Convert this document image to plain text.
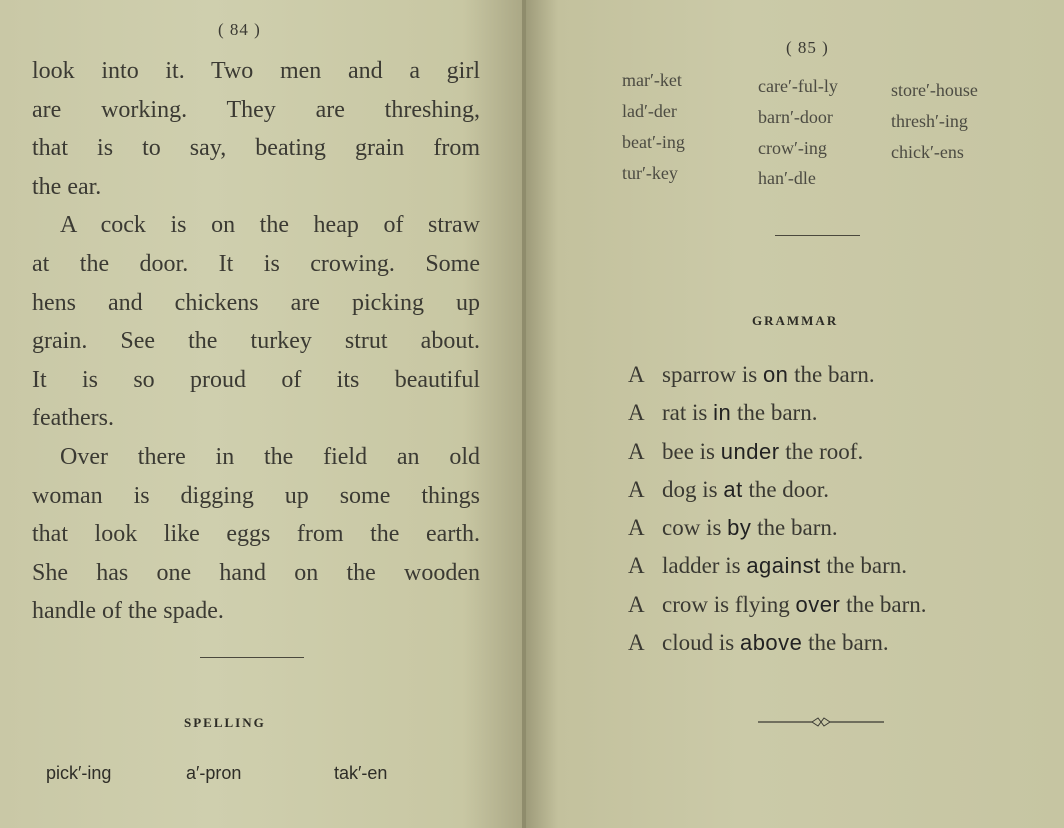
( 84 )

look into it. Two men and a girl
are working. They are threshing,
that is to say, beating grain from
the ear.

A cock is on the heap of straw
at the door. It is crowing. Some
hens and chickens are picking up
grain. See the turkey strut about.
It is so proud of its beautiful
feathers.

Over there in the field an old
woman is digging up some things
that look like eggs from the earth.
She has one hand on the wooden
handle of the spade.

SPELLING
pick′-ing	a′-pron	tak′-en
( 85 )
mar′-ket
lad′-der
beat′-ing
tur′-key
care′-ful-ly
barn′-door
crow′-ing
han′-dle
store′-house
thresh′-ing
chick′-ens
GRAMMAR
A sparrow is on the barn.
A rat is in the barn.
A bee is under the roof.
A dog is at the door.
A cow is by the barn.
A ladder is against the barn.
A crow is flying over the barn.
A cloud is above the barn.
